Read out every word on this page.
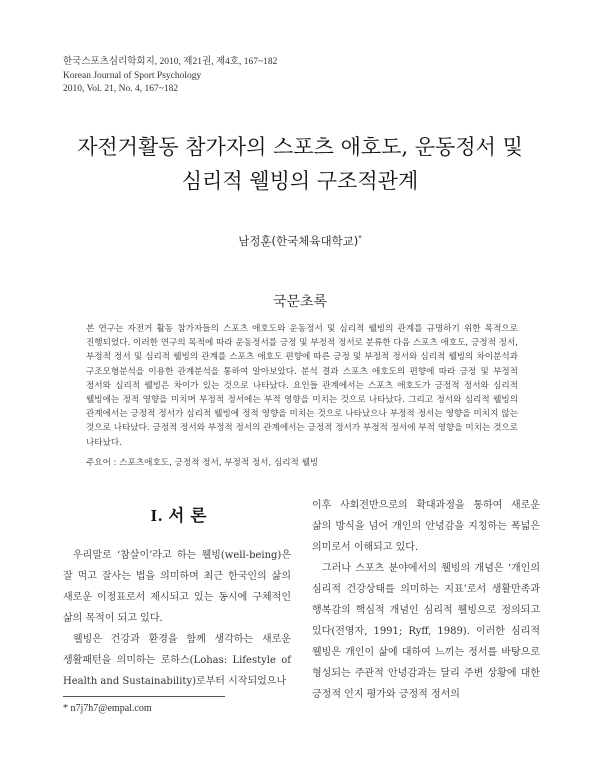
한국스포츠심리학회지, 2010, 제21권, 제4호, 167~182
Korean Journal of Sport Psychology
2010, Vol. 21, No. 4, 167~182
자전거활동 참가자의 스포츠 애호도, 운동정서 및
심리적 웰빙의 구조적관계
남정훈(한국체육대학교)*
국문초록
본 연구는 자전거 활동 참가자들의 스포츠 애호도와 운동정서 및 심리적 웰빙의 관계를 규명하기 위한 목적으로 진행되었다. 이러한 연구의 목적에 따라 운동정서를 긍정 및 부정적 정서로 분류한 다음 스포츠 애호도, 긍정적 정서, 부정적 정서 및 심리적 웰빙의 관계를 스포츠 애호도 편향에 따른 긍정 및 부정적 정서와 심리적 웰빙의 차이분석과 구조모형분석을 이용한 관계분석을 통하여 알아보았다. 분석 결과 스포츠 애호도의 편향에 따라 긍정 및 부정적 정서와 심리적 웰빙은 차이가 있는 것으로 나타났다. 요인들 관계에서는 스포츠 애호도가 긍정적 정서와 심리적 웰빙에는 정적 영향을 미치며 부정적 정서에는 부적 영향을 미치는 것으로 나타났다. 그리고 정서와 심리적 웰빙의 관계에서는 긍정적 정서가 심리적 웰빙에 정적 영향을 미치는 것으로 나타났으나 부정적 정서는 영향을 미치지 않는 것으로 나타났다. 긍정적 정서와 부정적 정서의 관계에서는 긍정적 정서가 부정적 정서에 부적 영향을 미치는 것으로 나타났다.
주요어 : 스포츠애호도, 긍정적 정서, 부정적 정서, 심리적 웰빙
I. 서 론

우리말로 ‘참살이’라고 하는 웰빙(well-being)은 잘 먹고 잘사는 법을 의미하며 최근 한국인의 삶의 새로운 이정표로서 제시되고 있는 동시에 구체적인 삶의 목적이 되고 있다.

웰빙은 건강과 환경을 함께 생각하는 새로운 생활패턴을 의미하는 로하스(Lohas: Lifestyle of Health and Sustainability)로부터 시작되었으나

이후 사회전반으로의 확대과정을 통하여 새로운 삶의 방식을 넘어 개인의 안녕감을 지칭하는 폭넓은 의미로서 이해되고 있다.

그러나 스포츠 분야에서의 웰빙의 개념은 ‘개인의 심리적 건강상태를 의미하는 지표’로서 생활만족과 행복감의 핵심적 개념인 심리적 웰빙으로 정의되고 있다(전영자, 1991; Ryff, 1989). 이러한 심리적 웰빙은 개인이 삶에 대하여 느끼는 정서를 바탕으로 형성되는 주관적 안녕감과는 달리 주변 상황에 대한 긍정적 인지 평가와 긍정적 정서의

* n7j7h7@empal.com
